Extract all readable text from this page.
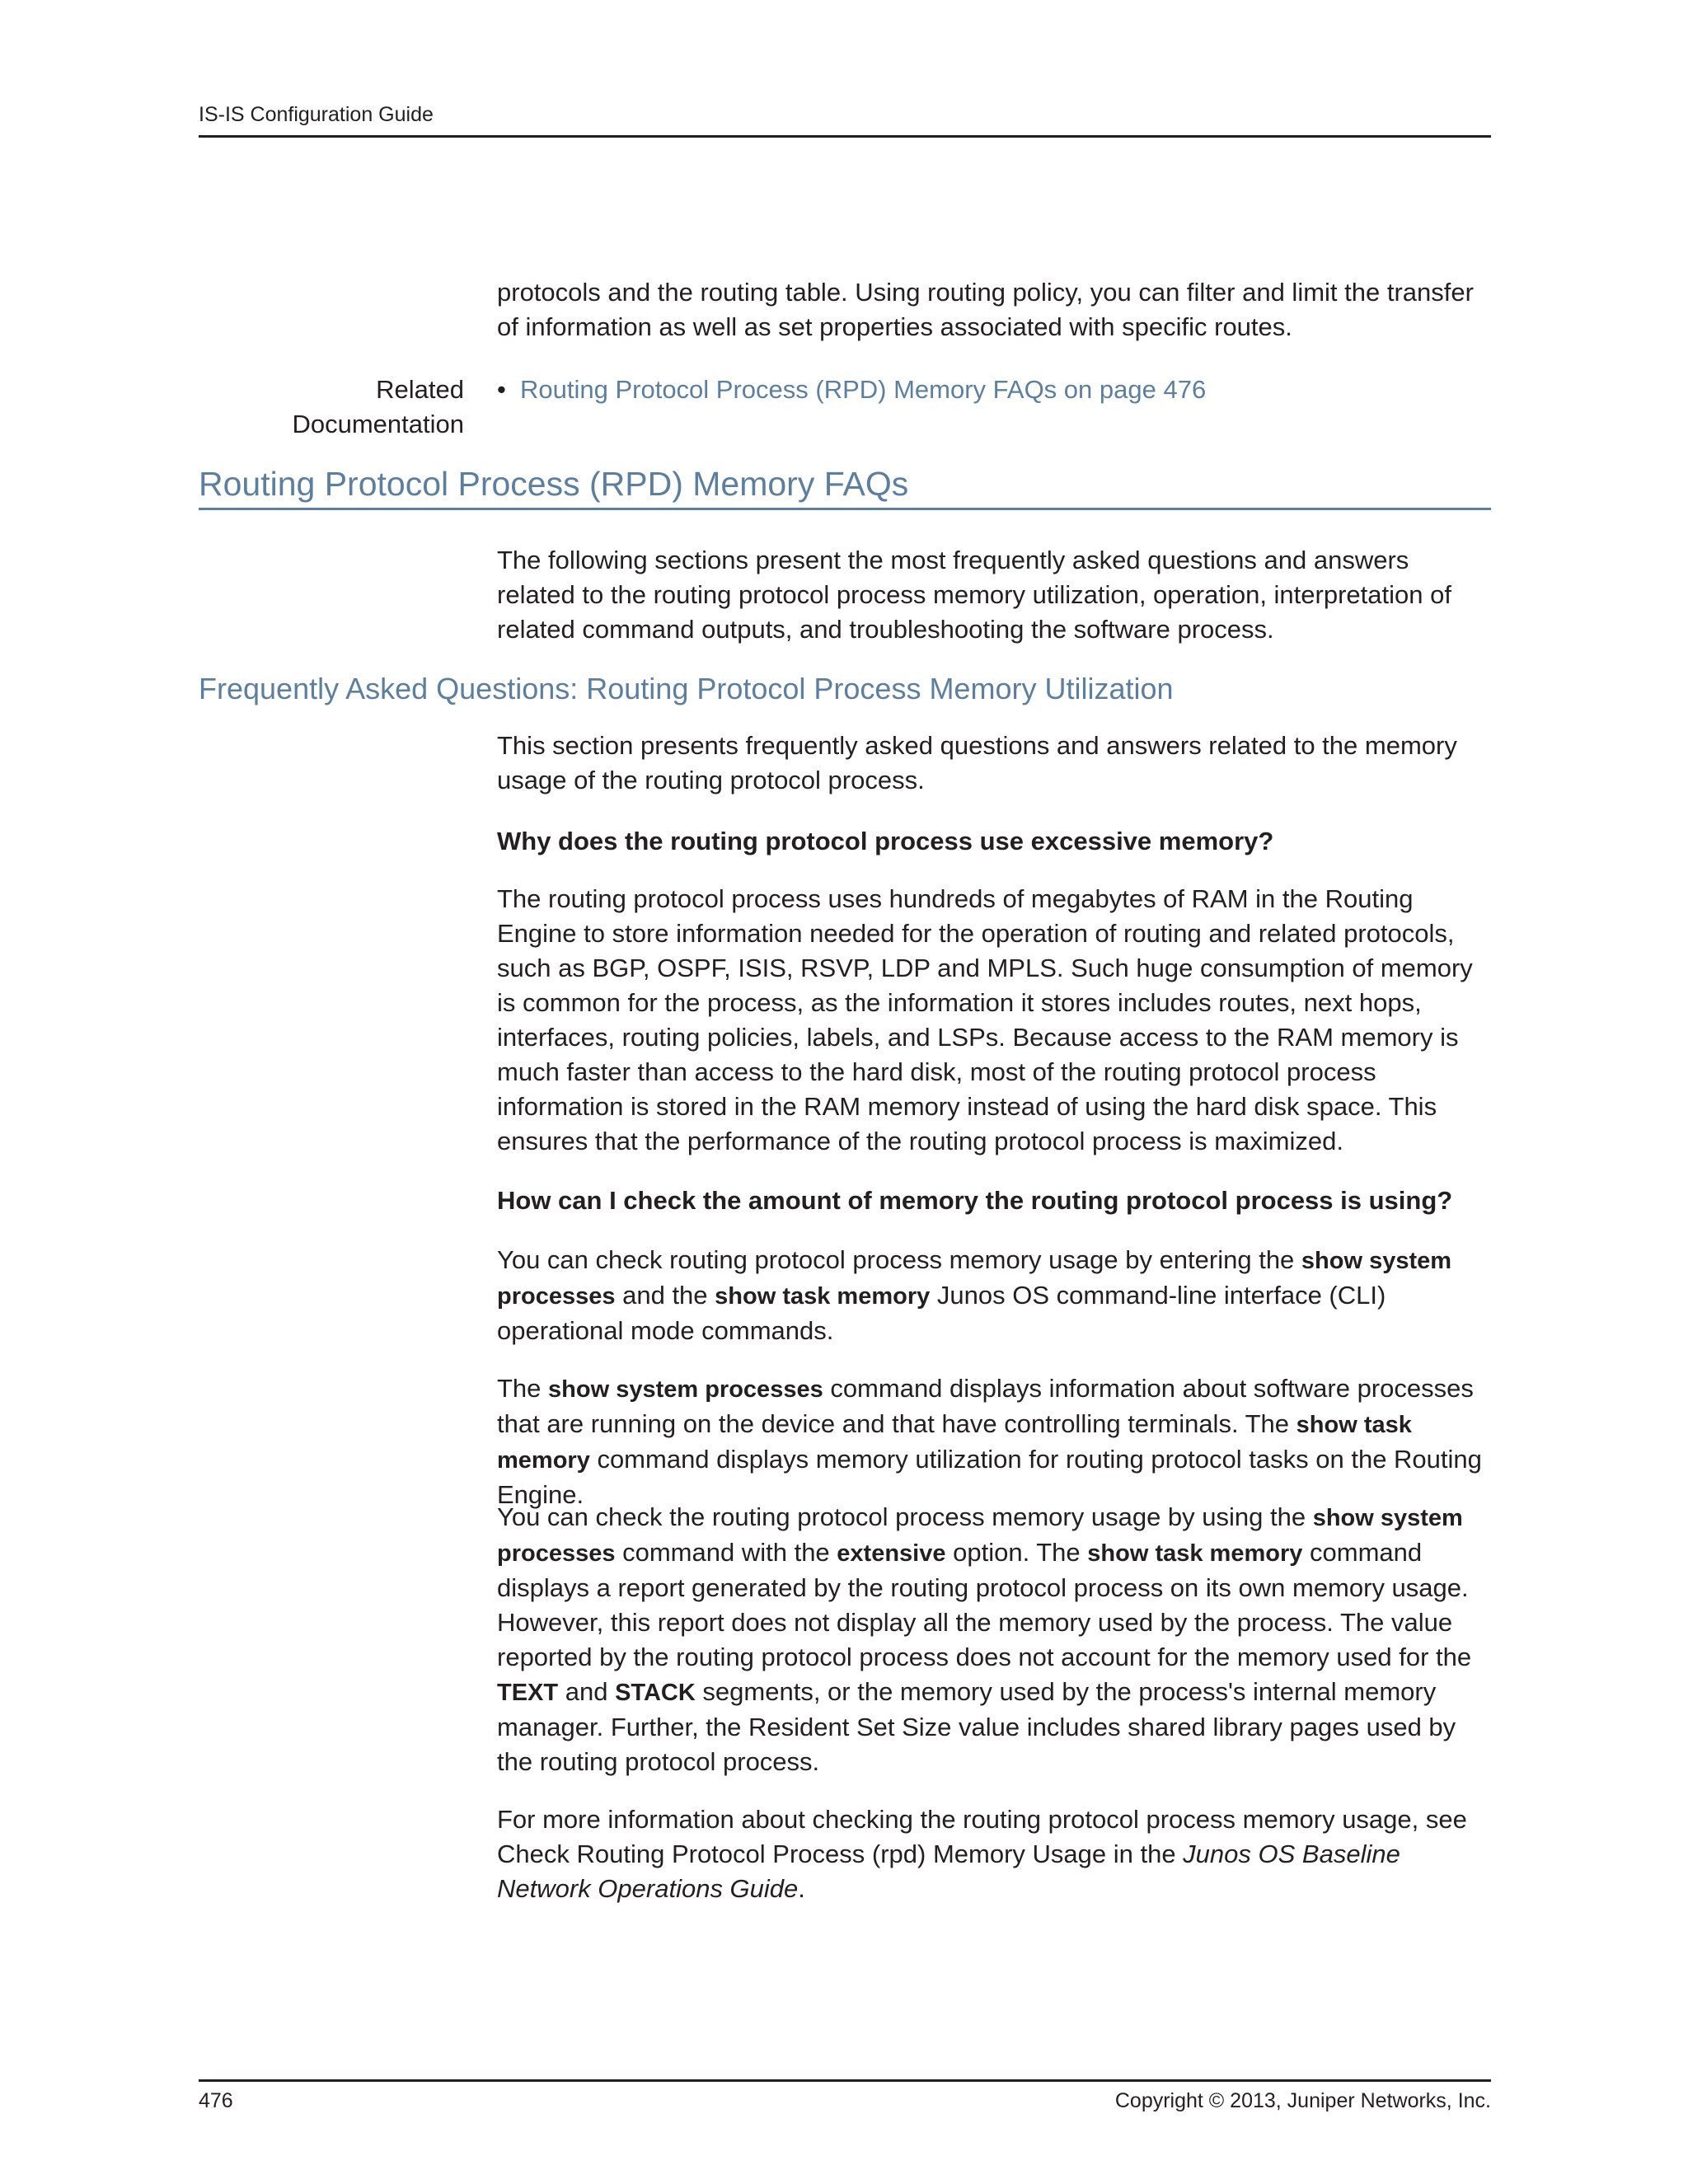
IS-IS Configuration Guide

protocols and the routing table. Using routing policy, you can filter and limit the transfer of information as well as set properties associated with specific routes.

Related
Documentation
• Routing Protocol Process (RPD) Memory FAQs on page 476
Routing Protocol Process (RPD) Memory FAQs

The following sections present the most frequently asked questions and answers related to the routing protocol process memory utilization, operation, interpretation of related command outputs, and troubleshooting the software process.

Frequently Asked Questions: Routing Protocol Process Memory Utilization

This section presents frequently asked questions and answers related to the memory usage of the routing protocol process.

Why does the routing protocol process use excessive memory?

The routing protocol process uses hundreds of megabytes of RAM in the Routing Engine to store information needed for the operation of routing and related protocols, such as BGP, OSPF, ISIS, RSVP, LDP and MPLS. Such huge consumption of memory is common for the process, as the information it stores includes routes, next hops, interfaces, routing policies, labels, and LSPs. Because access to the RAM memory is much faster than access to the hard disk, most of the routing protocol process information is stored in the RAM memory instead of using the hard disk space. This ensures that the performance of the routing protocol process is maximized.

How can I check the amount of memory the routing protocol process is using?

You can check routing protocol process memory usage by entering the show system processes and the show task memory Junos OS command-line interface (CLI) operational mode commands.

The show system processes command displays information about software processes that are running on the device and that have controlling terminals. The show task memory command displays memory utilization for routing protocol tasks on the Routing Engine.

You can check the routing protocol process memory usage by using the show system processes command with the extensive option. The show task memory command displays a report generated by the routing protocol process on its own memory usage. However, this report does not display all the memory used by the process. The value reported by the routing protocol process does not account for the memory used for the TEXT and STACK segments, or the memory used by the process's internal memory manager. Further, the Resident Set Size value includes shared library pages used by the routing protocol process.

For more information about checking the routing protocol process memory usage, see Check Routing Protocol Process (rpd) Memory Usage in the Junos OS Baseline Network Operations Guide.

476	Copyright © 2013, Juniper Networks, Inc.
